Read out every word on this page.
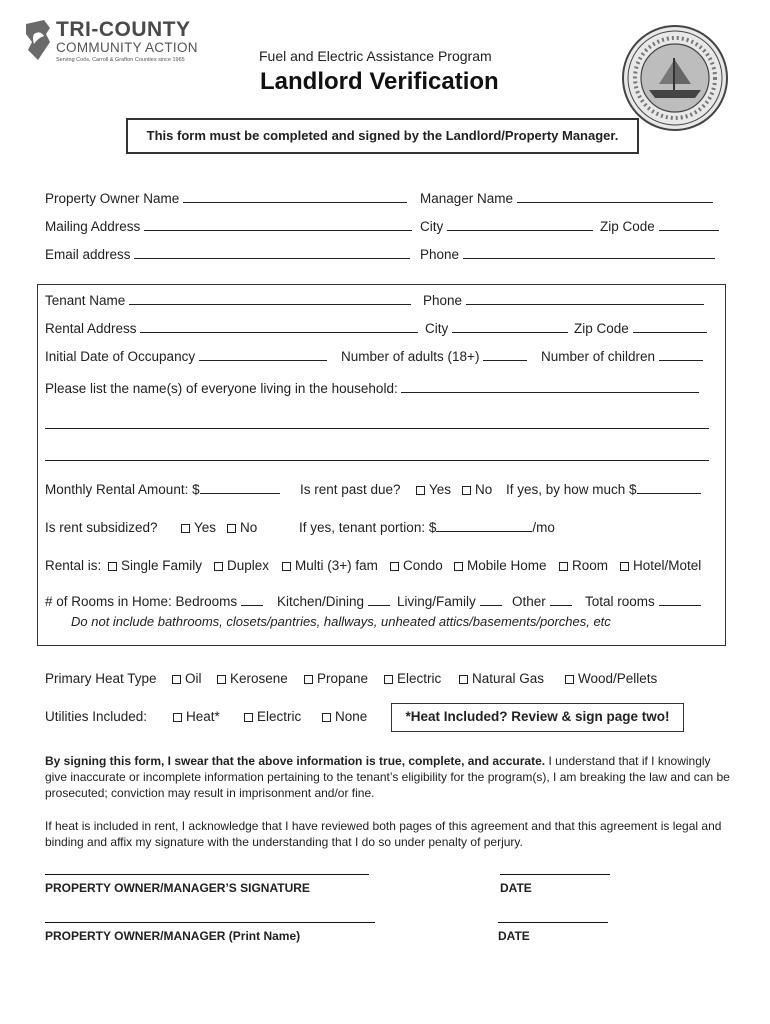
TRI-COUNTY
COMMUNITY ACTION
Serving Coös, Carroll & Grafton Counties since 1965	Fuel and Electric Assistance Program
Landlord Verification
This form must be completed and signed by the Landlord/Property Manager.
Property Owner Name	Manager Name
Mailing Address	City	Zip Code
Email address	Phone
Tenant Name	Phone
Rental Address	City	Zip Code
Initial Date of Occupancy	Number of adults (18+)	Number of children
Please list the name(s) of everyone living in the household:
Monthly Rental Amount: $	Is rent past due?	Yes	No If yes, by how much $
Is rent subsidized?	Yes	No	If yes, tenant portion: $	/mo
Rental is:	Single Family	Duplex	Multi (3+) fam	Condo	Mobile Home	Room	Hotel/Motel
# of Rooms in Home: Bedrooms	Kitchen/Dining	Living/Family	Other	Total rooms
Do not include bathrooms, closets/pantries, hallways, unheated attics/basements/porches, etc
Primary Heat Type	Oil	Kerosene	Propane	Electric	Natural Gas	Wood/Pellets
Utilities Included:	Heat*	Electric	None	*Heat Included? Review & sign page two!
By signing this form, I swear that the above information is true, complete, and accurate. I understand that if I knowingly give inaccurate or incomplete information pertaining to the tenant’s eligibility for the program(s), I am breaking the law and can be prosecuted; conviction may result in imprisonment and/or fine.
If heat is included in rent, I acknowledge that I have reviewed both pages of this agreement and that this agreement is legal and binding and affix my signature with the understanding that I do so under penalty of perjury.
PROPERTY OWNER/MANAGER’S SIGNATURE	DATE
PROPERTY OWNER/MANAGER (Print Name)	DATE
